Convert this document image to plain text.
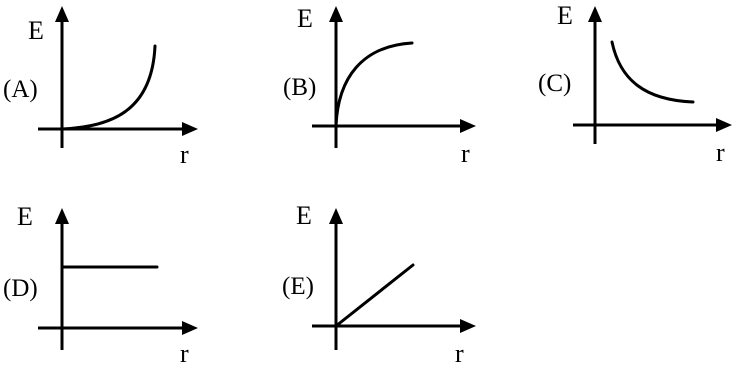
E
r
(A)
E
r
(B)
E
r
(C)
E
r
(D)
E
r
(E)
